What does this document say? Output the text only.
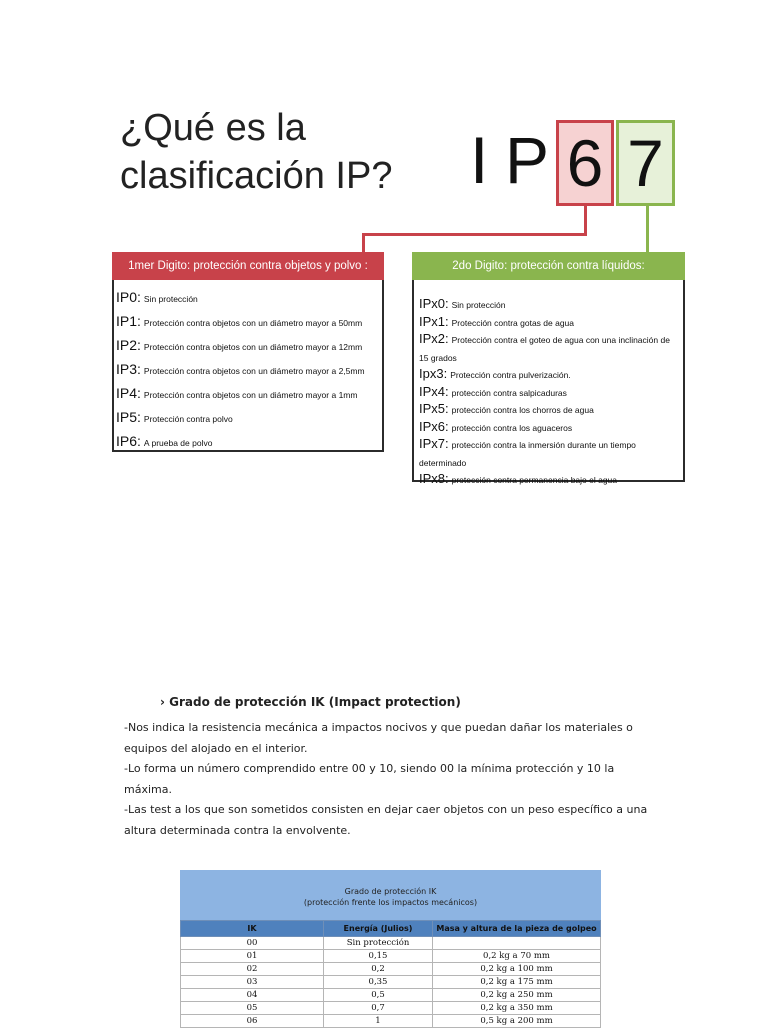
¿Qué es la
clasificación IP?	I P 6 7
1mer Digito: protección contra objetos y polvo :
IP0: Sin protección
IP1: Protección contra objetos con un diámetro mayor a 50mm
IP2: Protección contra objetos con un diámetro mayor a 12mm
IP3: Protección contra objetos con un diámetro mayor a 2,5mm
IP4: Protección contra objetos con un diámetro mayor a 1mm
IP5: Protección contra polvo
IP6: A prueba de polvo
2do Digito: protección contra líquidos:
IPx0: Sin protección
IPx1: Protección contra gotas de agua
IPx2: Protección contra el goteo de agua con una inclinación de 15 grados
Ipx3: Protección contra pulverización.
IPx4: protección contra salpicaduras
IPx5: protección contra los chorros de agua
IPx6: protección contra los aguaceros
IPx7: protección contra la inmersión durante un tiempo determinado
IPx8: protección contra permanencia bajo el agua
› Grado de protección IK (Impact protection)
-Nos indica la resistencia mecánica a impactos nocivos y que puedan dañar los materiales o equipos del alojado en el interior.
-Lo forma un número comprendido entre 00 y 10, siendo 00 la mínima protección y 10 la máxima.
-Las test a los que son sometidos consisten en dejar caer objetos con un peso específico a una altura determinada contra la envolvente.
Grado de protección IK
(protección frente los impactos mecánicos)
IK	Energía (Julios)	Masa y altura de la pieza de golpeo
00	Sin protección	
01	0,15	0,2 kg a 70 mm
02	0,2	0,2 kg a 100 mm
03	0,35	0,2 kg a 175 mm
04	0,5	0,2 kg a 250 mm
05	0,7	0,2 kg a 350 mm
06	1	0,5 kg a 200 mm
